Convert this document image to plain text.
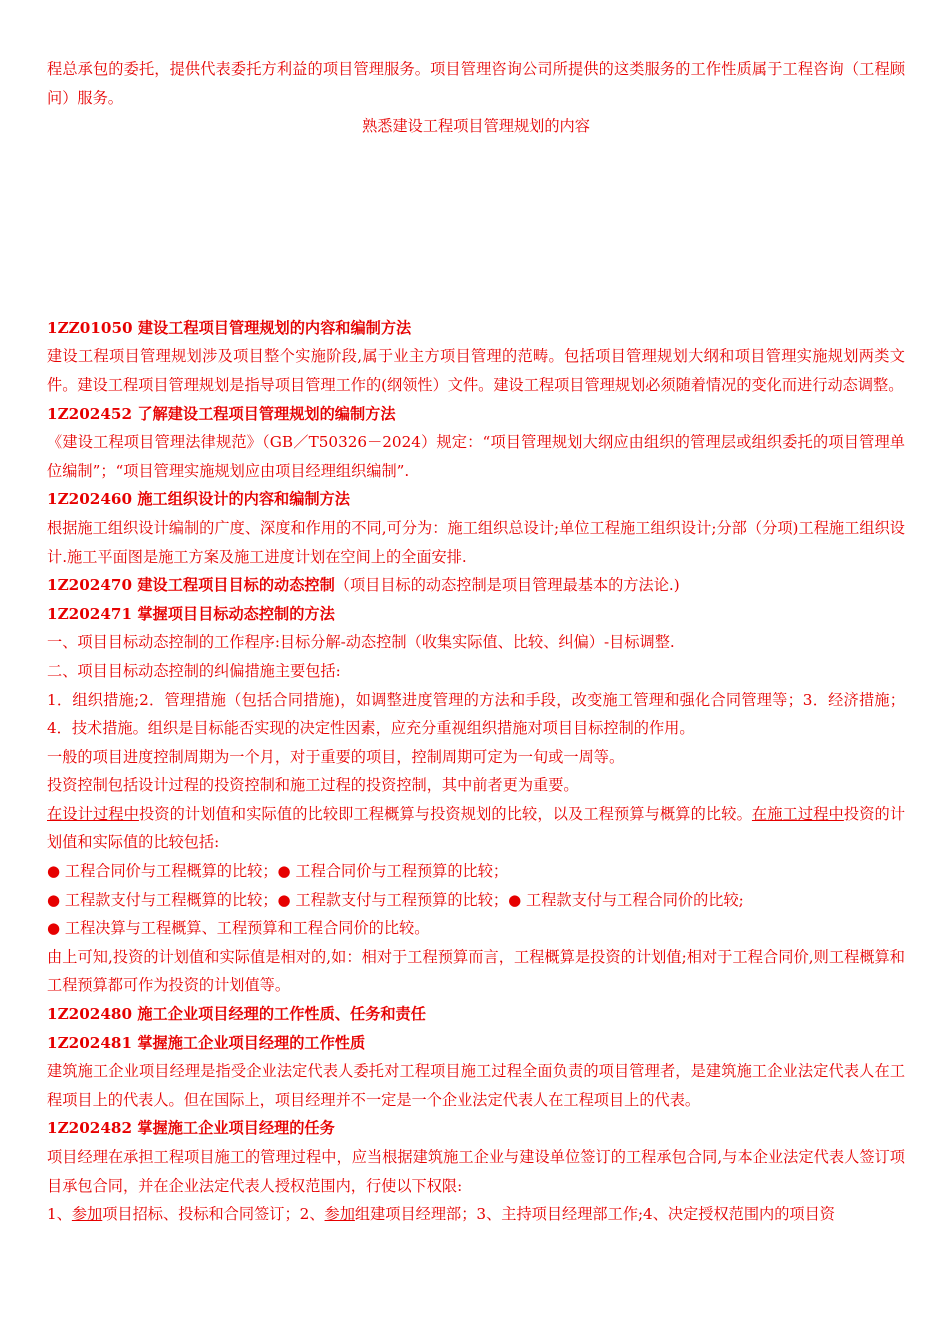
程总承包的委托，提供代表委托方利益的项目管理服务。项目管理咨询公司所提供的这类服务的工作性质属于工程咨询（工程顾问）服务。

熟悉建设工程项目管理规划的内容

1ZZ01050 建设工程项目管理规划的内容和编制方法

建设工程项目管理规划涉及项目整个实施阶段,属于业主方项目管理的范畴。包括项目管理规划大纲和项目管理实施规划两类文件。建设工程项目管理规划是指导项目管理工作的(纲领性）文件。建设工程项目管理规划必须随着情况的变化而进行动态调整。

1Z202452 了解建设工程项目管理规划的编制方法

《建设工程项目管理法律规范》（GB／T50326－2024）规定：“项目管理规划大纲应由组织的管理层或组织委托的项目管理单位编制”；“项目管理实施规划应由项目经理组织编制”.

1Z202460 施工组织设计的内容和编制方法

根据施工组织设计编制的广度、深度和作用的不同,可分为：施工组织总设计;单位工程施工组织设计;分部（分项)工程施工组织设计.施工平面图是施工方案及施工进度计划在空间上的全面安排.

1Z202470 建设工程项目目标的动态控制（项目目标的动态控制是项目管理最基本的方法论.)

1Z202471 掌握项目目标动态控制的方法

一、项目目标动态控制的工作程序:目标分解-动态控制（收集实际值、比较、纠偏）-目标调整.

二、项目目标动态控制的纠偏措施主要包括:

1．组织措施;2．管理措施（包括合同措施)，如调整进度管理的方法和手段，改变施工管理和强化合同管理等；3．经济措施；4．技术措施。组织是目标能否实现的决定性因素，应充分重视组织措施对项目目标控制的作用。

一般的项目进度控制周期为一个月，对于重要的项目，控制周期可定为一旬或一周等。

投资控制包括设计过程的投资控制和施工过程的投资控制，其中前者更为重要。

在设计过程中投资的计划值和实际值的比较即工程概算与投资规划的比较，以及工程预算与概算的比较。在施工过程中投资的计划值和实际值的比较包括:

● 工程合同价与工程概算的比较；● 工程合同价与工程预算的比较；

● 工程款支付与工程概算的比较；● 工程款支付与工程预算的比较；● 工程款支付与工程合同价的比较;

● 工程决算与工程概算、工程预算和工程合同价的比较。

由上可知,投资的计划值和实际值是相对的,如：相对于工程预算而言，工程概算是投资的计划值;相对于工程合同价,则工程概算和工程预算都可作为投资的计划值等。

1Z202480 施工企业项目经理的工作性质、任务和责任

1Z202481 掌握施工企业项目经理的工作性质

建筑施工企业项目经理是指受企业法定代表人委托对工程项目施工过程全面负责的项目管理者，是建筑施工企业法定代表人在工程项目上的代表人。但在国际上，项目经理并不一定是一个企业法定代表人在工程项目上的代表。

1Z202482 掌握施工企业项目经理的任务

项目经理在承担工程项目施工的管理过程中，应当根据建筑施工企业与建设单位签订的工程承包合同,与本企业法定代表人签订项目承包合同，并在企业法定代表人授权范围内，行使以下权限:

1、参加项目招标、投标和合同签订；2、参加组建项目经理部；3、主持项目经理部工作;4、决定授权范围内的项目资
